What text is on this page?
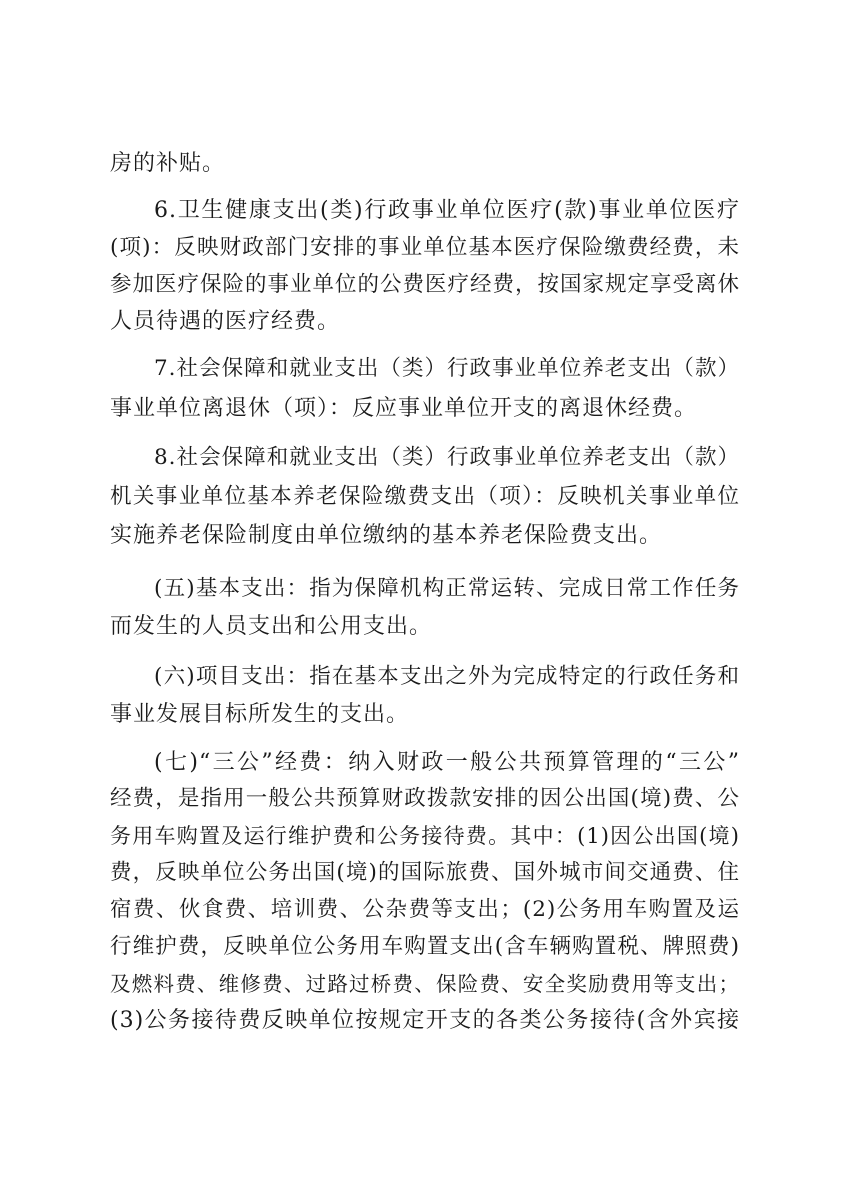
房的补贴。
6.卫生健康支出(类)行政事业单位医疗(款)事业单位医疗
(项)：反映财政部门安排的事业单位基本医疗保险缴费经费，未
参加医疗保险的事业单位的公费医疗经费，按国家规定享受离休
人员待遇的医疗经费。
7.社会保障和就业支出（类）行政事业单位养老支出（款）
事业单位离退休（项）：反应事业单位开支的离退休经费。
8.社会保障和就业支出（类）行政事业单位养老支出（款）
机关事业单位基本养老保险缴费支出（项）：反映机关事业单位
实施养老保险制度由单位缴纳的基本养老保险费支出。
(五)基本支出：指为保障机构正常运转、完成日常工作任务
而发生的人员支出和公用支出。
(六)项目支出：指在基本支出之外为完成特定的行政任务和
事业发展目标所发生的支出。
(七)“三公”经费：纳入财政一般公共预算管理的“三公”
经费，是指用一般公共预算财政拨款安排的因公出国(境)费、公
务用车购置及运行维护费和公务接待费。其中：(1)因公出国(境)
费，反映单位公务出国(境)的国际旅费、国外城市间交通费、住
宿费、伙食费、培训费、公杂费等支出；(2)公务用车购置及运
行维护费，反映单位公务用车购置支出(含车辆购置税、牌照费)
及燃料费、维修费、过路过桥费、保险费、安全奖励费用等支出；
(3)公务接待费反映单位按规定开支的各类公务接待(含外宾接
